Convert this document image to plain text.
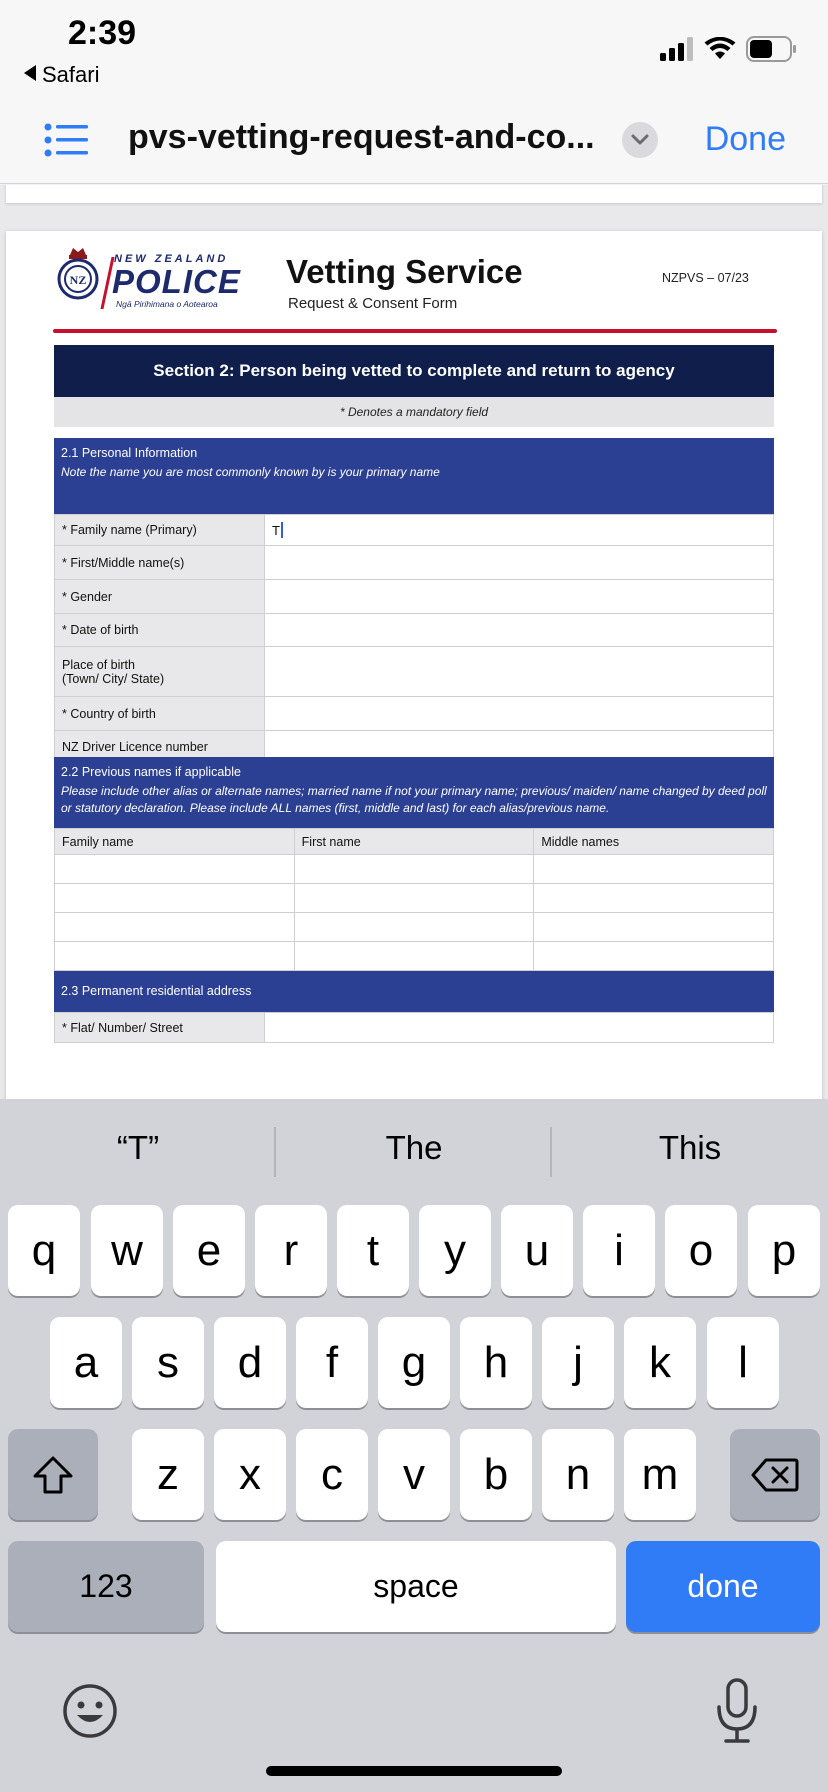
2:39
Safari
pvs-vetting-request-and-co...	Done
NZ
NEW ZEALAND
POLICE
Ngā Pirihimana o Aotearoa
Vetting Service
Request & Consent Form
NZPVS – 07/23
Section 2: Person being vetted to complete and return to agency
* Denotes a mandatory field
2.1 Personal Information
Note the name you are most commonly known by is your primary name
* Family name (Primary)	T
* First/Middle name(s)	
* Gender	
* Date of birth	

Place of birth
(Town/ City/ State)	

* Country of birth	
NZ Driver Licence number	
2.2 Previous names if applicable
Please include other alias or alternate names; married name if not your primary name; previous/ maiden/ name changed by deed poll or statutory declaration. Please include ALL names (first, middle and last) for each alias/previous name.
Family name	First name	Middle names

2.3 Permanent residential address
* Flat/ Number/ Street	
“T”	The	This
q	w	e	r	t	y	u	i	o	p
a	s	d	f	g	h	j	k	l
z	x	c	v	b	n	m
123	space	done
